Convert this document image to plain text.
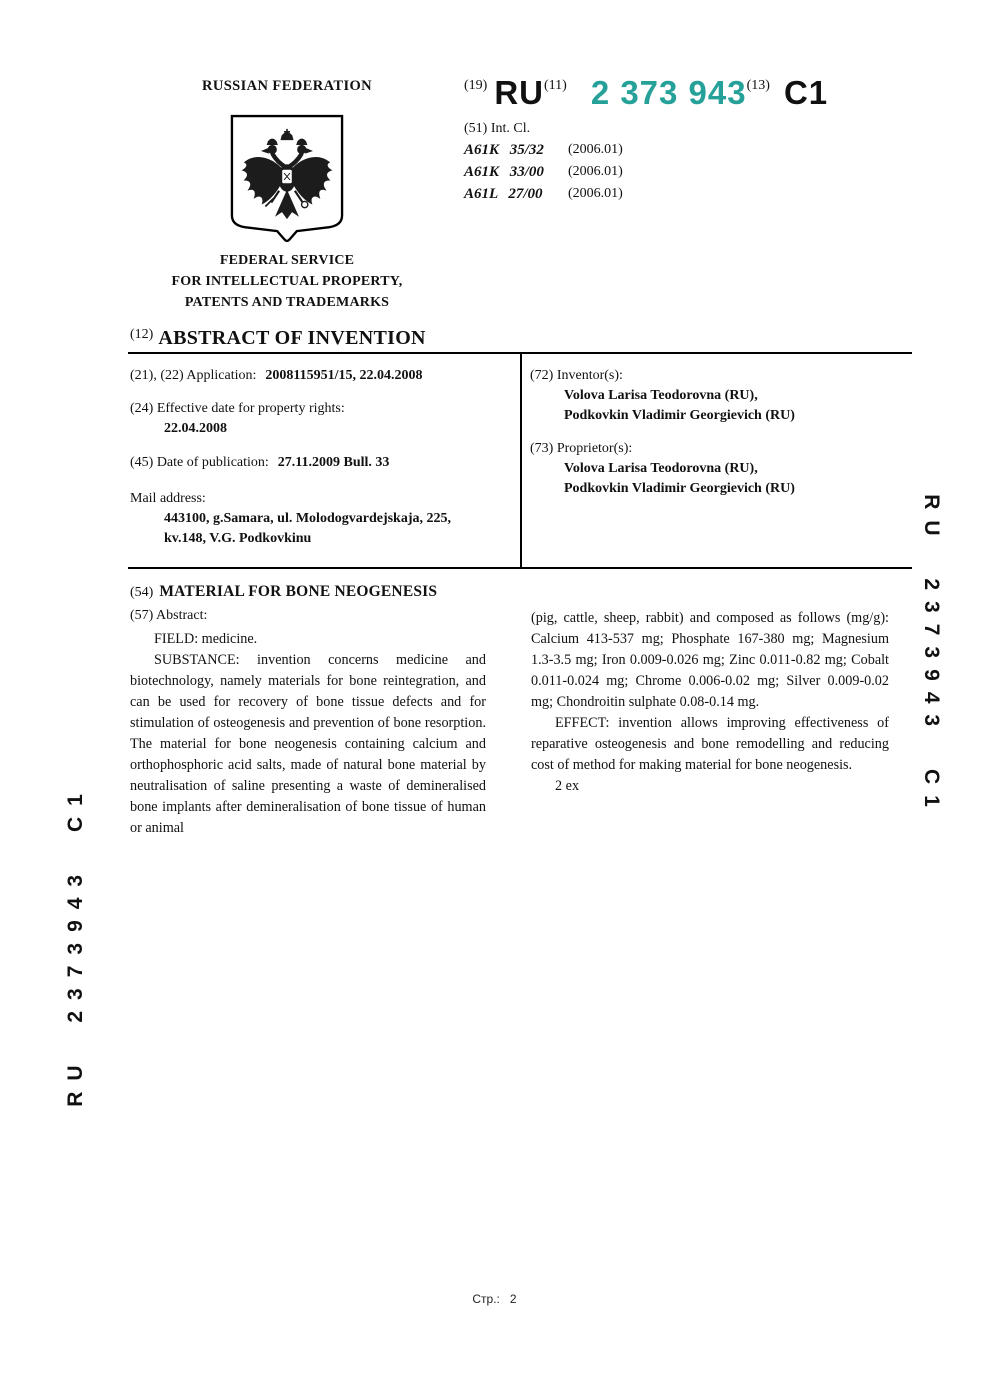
RUSSIAN FEDERATION
FEDERAL SERVICE
FOR INTELLECTUAL PROPERTY,
PATENTS AND TRADEMARKS
(19) RU (11) 2 373 943 (13) C1
(51) Int. Cl.
A61K 35/32	(2006.01)
A61K 33/00	(2006.01)
A61L 27/00	(2006.01)
(12) ABSTRACT OF INVENTION

(21), (22) Application: 2008115951/15, 22.04.2008

(24) Effective date for property rights:
22.04.2008

(45) Date of publication: 27.11.2009 Bull. 33

Mail address:

443100, g.Samara, ul. Molodogvardejskaja, 225,
kv.148, V.G. Podkovkinu

(72) Inventor(s):

Volova Larisa Teodorovna (RU),
Podkovkin Vladimir Georgievich (RU)

(73) Proprietor(s):

Volova Larisa Teodorovna (RU),
Podkovkin Vladimir Georgievich (RU)
(54) MATERIAL FOR BONE NEOGENESIS
(57) Abstract:

FIELD: medicine.

SUBSTANCE: invention concerns medicine and biotechnology, namely materials for bone reintegration, and can be used for recovery of bone tissue defects and for stimulation of osteogenesis and prevention of bone resorption. The material for bone neogenesis containing calcium and orthophosphoric acid salts, made of natural bone material by neutralisation of saline presenting a waste of demineralised bone implants after demineralisation of bone tissue of human or animal

(pig, cattle, sheep, rabbit) and composed as follows (mg/g): Calcium 413-537 mg; Phosphate 167-380 mg; Magnesium 1.3-3.5 mg; Iron 0.009-0.026 mg; Zinc 0.011-0.82 mg; Cobalt 0.011-0.024 mg; Chrome 0.006-0.02 mg; Silver 0.009-0.02 mg; Chondroitin sulphate 0.08-0.14 mg.

EFFECT: invention allows improving effectiveness of reparative osteogenesis and bone remodelling and reducing cost of method for making material for bone neogenesis.

2 ex

RU 2373943 C1
RU 2373943 C1
Стр.: 2
